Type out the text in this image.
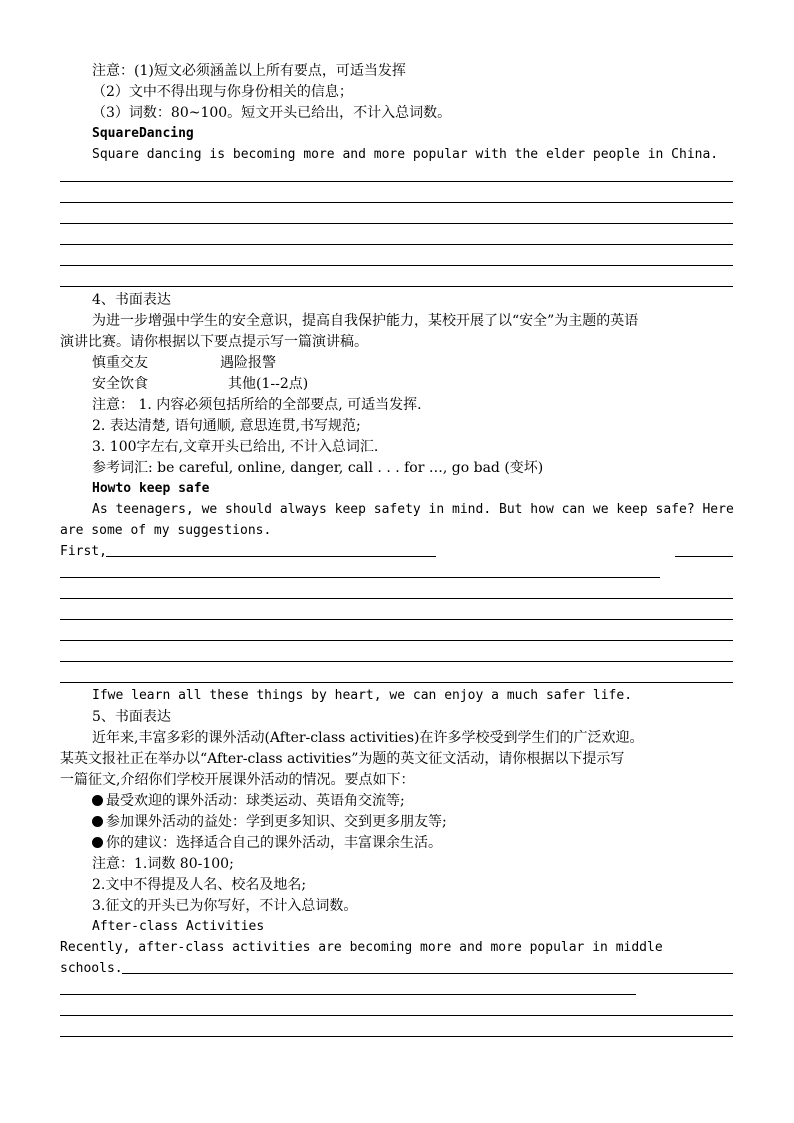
注意：(1)短文必须涵盖以上所有要点，可适当发挥
（2）文中不得出现与你身份相关的信息；
（3）词数：80~100。短文开头已给出，不计入总词数。
SquareDancing
Square dancing is becoming more and more popular with the elder people in China.
4、书面表达
为进一步增强中学生的安全意识，提高自我保护能力，某校开展了以“安全”为主题的英语
演讲比赛。请你根据以下要点提示写一篇演讲稿。
慎重交友	遇险报警
安全饮食	其他(1--2点)
注意： 1. 内容必须包括所给的全部要点, 可适当发挥.
2. 表达清楚, 语句通顺, 意思连贯,书写规范;
3. 100字左右,文章开头已给出, 不计入总词汇.
参考词汇: be careful, online, danger, call . . . for …, go bad (变坏)
Howto keep safe
As teenagers, we should always keep safety in mind. But how can we keep safe? Here
are some of my suggestions.
First,
Ifwe learn all these things by heart, we can enjoy a much safer life.
5、书面表达
近年来,丰富多彩的课外活动(After-class activities)在许多学校受到学生们的广泛欢迎。
某英文报社正在举办以“After-class activities”为题的英文征文活动，请你根据以下提示写
一篇征文,介绍你们学校开展课外活动的情况。要点如下：
最受欢迎的课外活动：球类运动、英语角交流等;
参加课外活动的益处：学到更多知识、交到更多朋友等;
你的建议：选择适合自己的课外活动，丰富课余生活。
注意：1.词数 80-100;
2.文中不得提及人名、校名及地名;
3.征文的开头已为你写好，不计入总词数。
After-class Activities
Recently, after-class activities are becoming more and more popular in middle
schools.
